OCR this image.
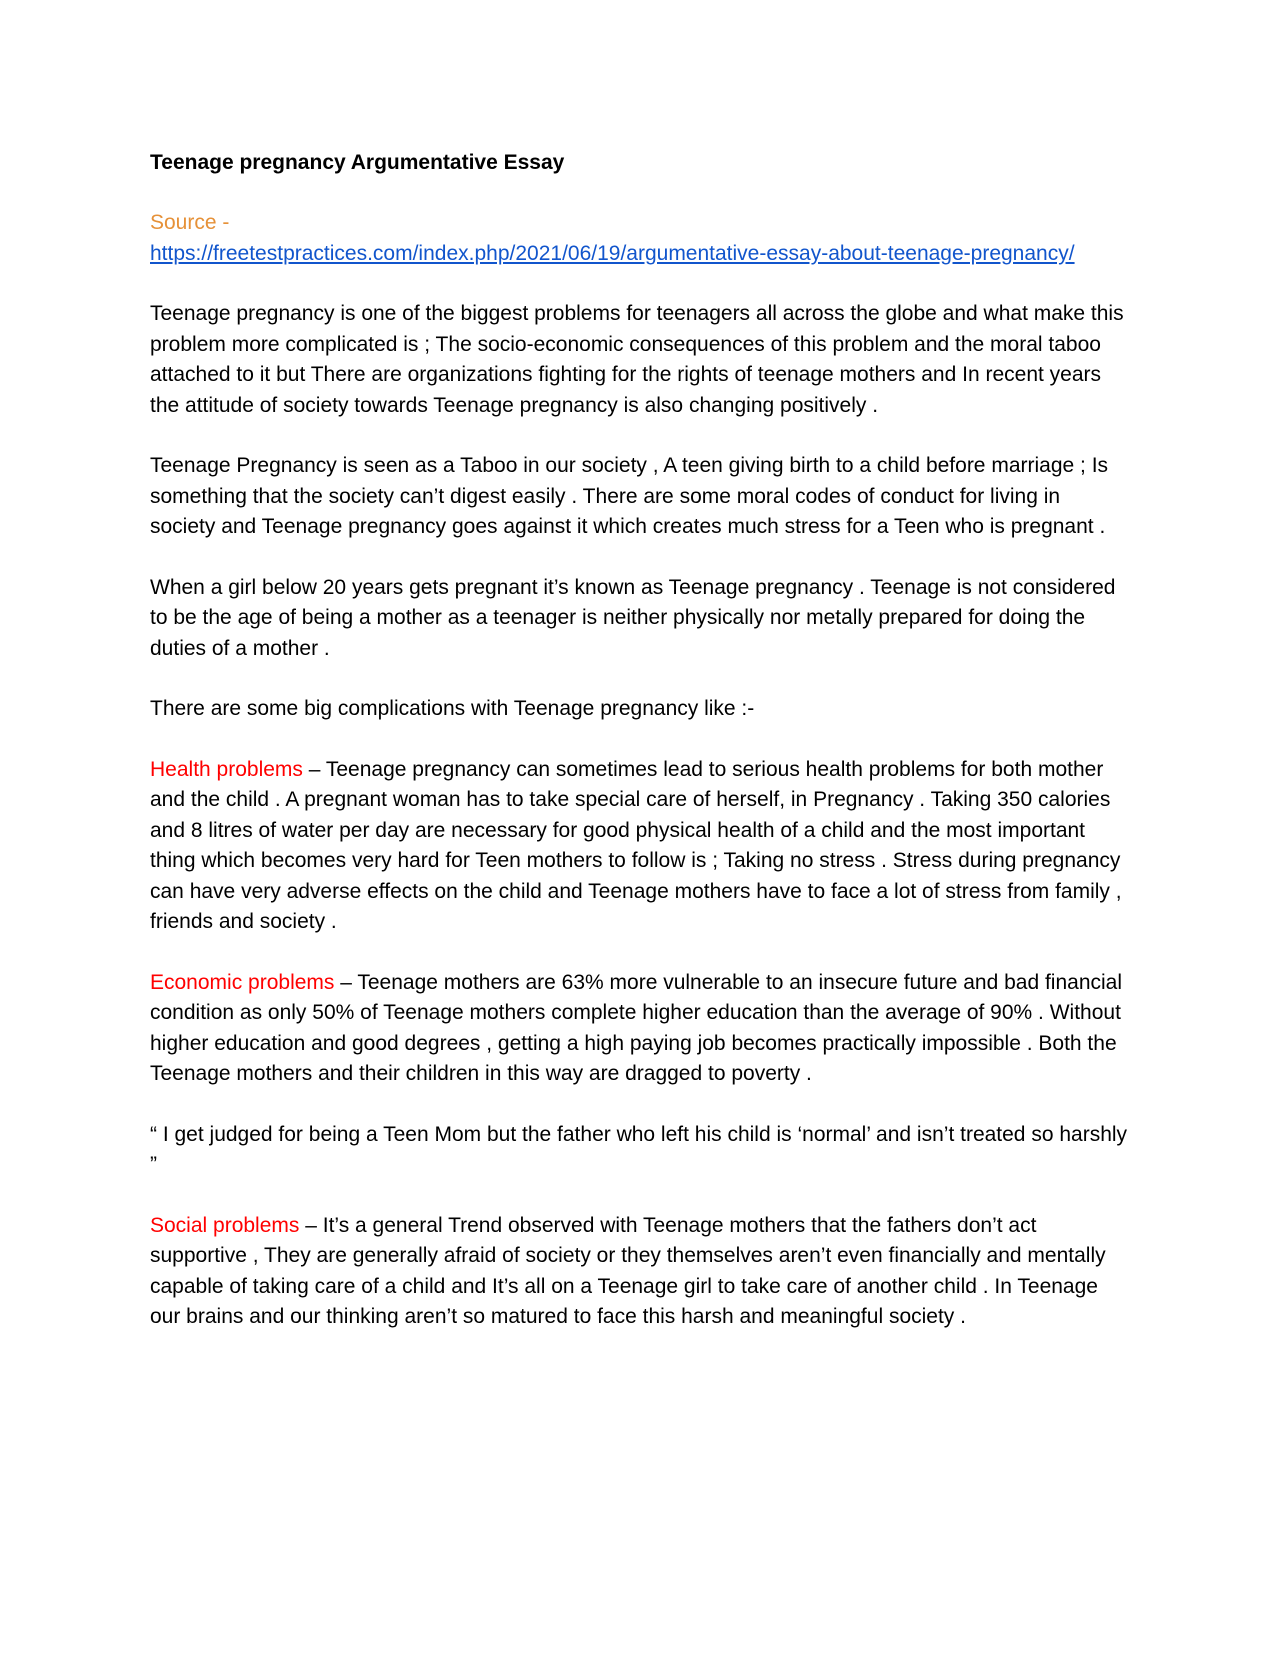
Teenage pregnancy Argumentative Essay
Source -
https://freetestpractices.com/index.php/2021/06/19/argumentative-essay-about-teenage-pregnancy/

Teenage pregnancy is one of the biggest problems for teenagers all across the globe and what make this problem more complicated is ; The socio-economic consequences of this problem and the moral taboo attached to it but There are organizations fighting for the rights of teenage mothers and In recent years the attitude of society towards Teenage pregnancy is also changing positively .

Teenage Pregnancy is seen as a Taboo in our society , A teen giving birth to a child before marriage ; Is something that the society can’t digest easily . There are some moral codes of conduct for living in society and Teenage pregnancy goes against it which creates much stress for a Teen who is pregnant .

When a girl below 20 years gets pregnant it’s known as Teenage pregnancy . Teenage is not considered to be the age of being a mother as a teenager is neither physically nor metally prepared for doing the duties of a mother .

There are some big complications with Teenage pregnancy like :-

Health problems – Teenage pregnancy can sometimes lead to serious health problems for both mother and the child . A pregnant woman has to take special care of herself, in Pregnancy . Taking 350 calories and 8 litres of water per day are necessary for good physical health of a child and the most important thing which becomes very hard for Teen mothers to follow is ; Taking no stress . Stress during pregnancy can have very adverse effects on the child and Teenage mothers have to face a lot of stress from family , friends and society .

Economic problems – Teenage mothers are 63% more vulnerable to an insecure future and bad financial condition as only 50% of Teenage mothers complete higher education than the average of 90% . Without higher education and good degrees , getting a high paying job becomes practically impossible . Both the Teenage mothers and their children in this way are dragged to poverty .

“ I get judged for being a Teen Mom but the father who left his child is ‘normal’ and isn’t treated so harshly ”

Social problems – It’s a general Trend observed with Teenage mothers that the fathers don’t act supportive , They are generally afraid of society or they themselves aren’t even financially and mentally capable of taking care of a child and It’s all on a Teenage girl to take care of another child . In Teenage our brains and our thinking aren’t so matured to face this harsh and meaningful society .
